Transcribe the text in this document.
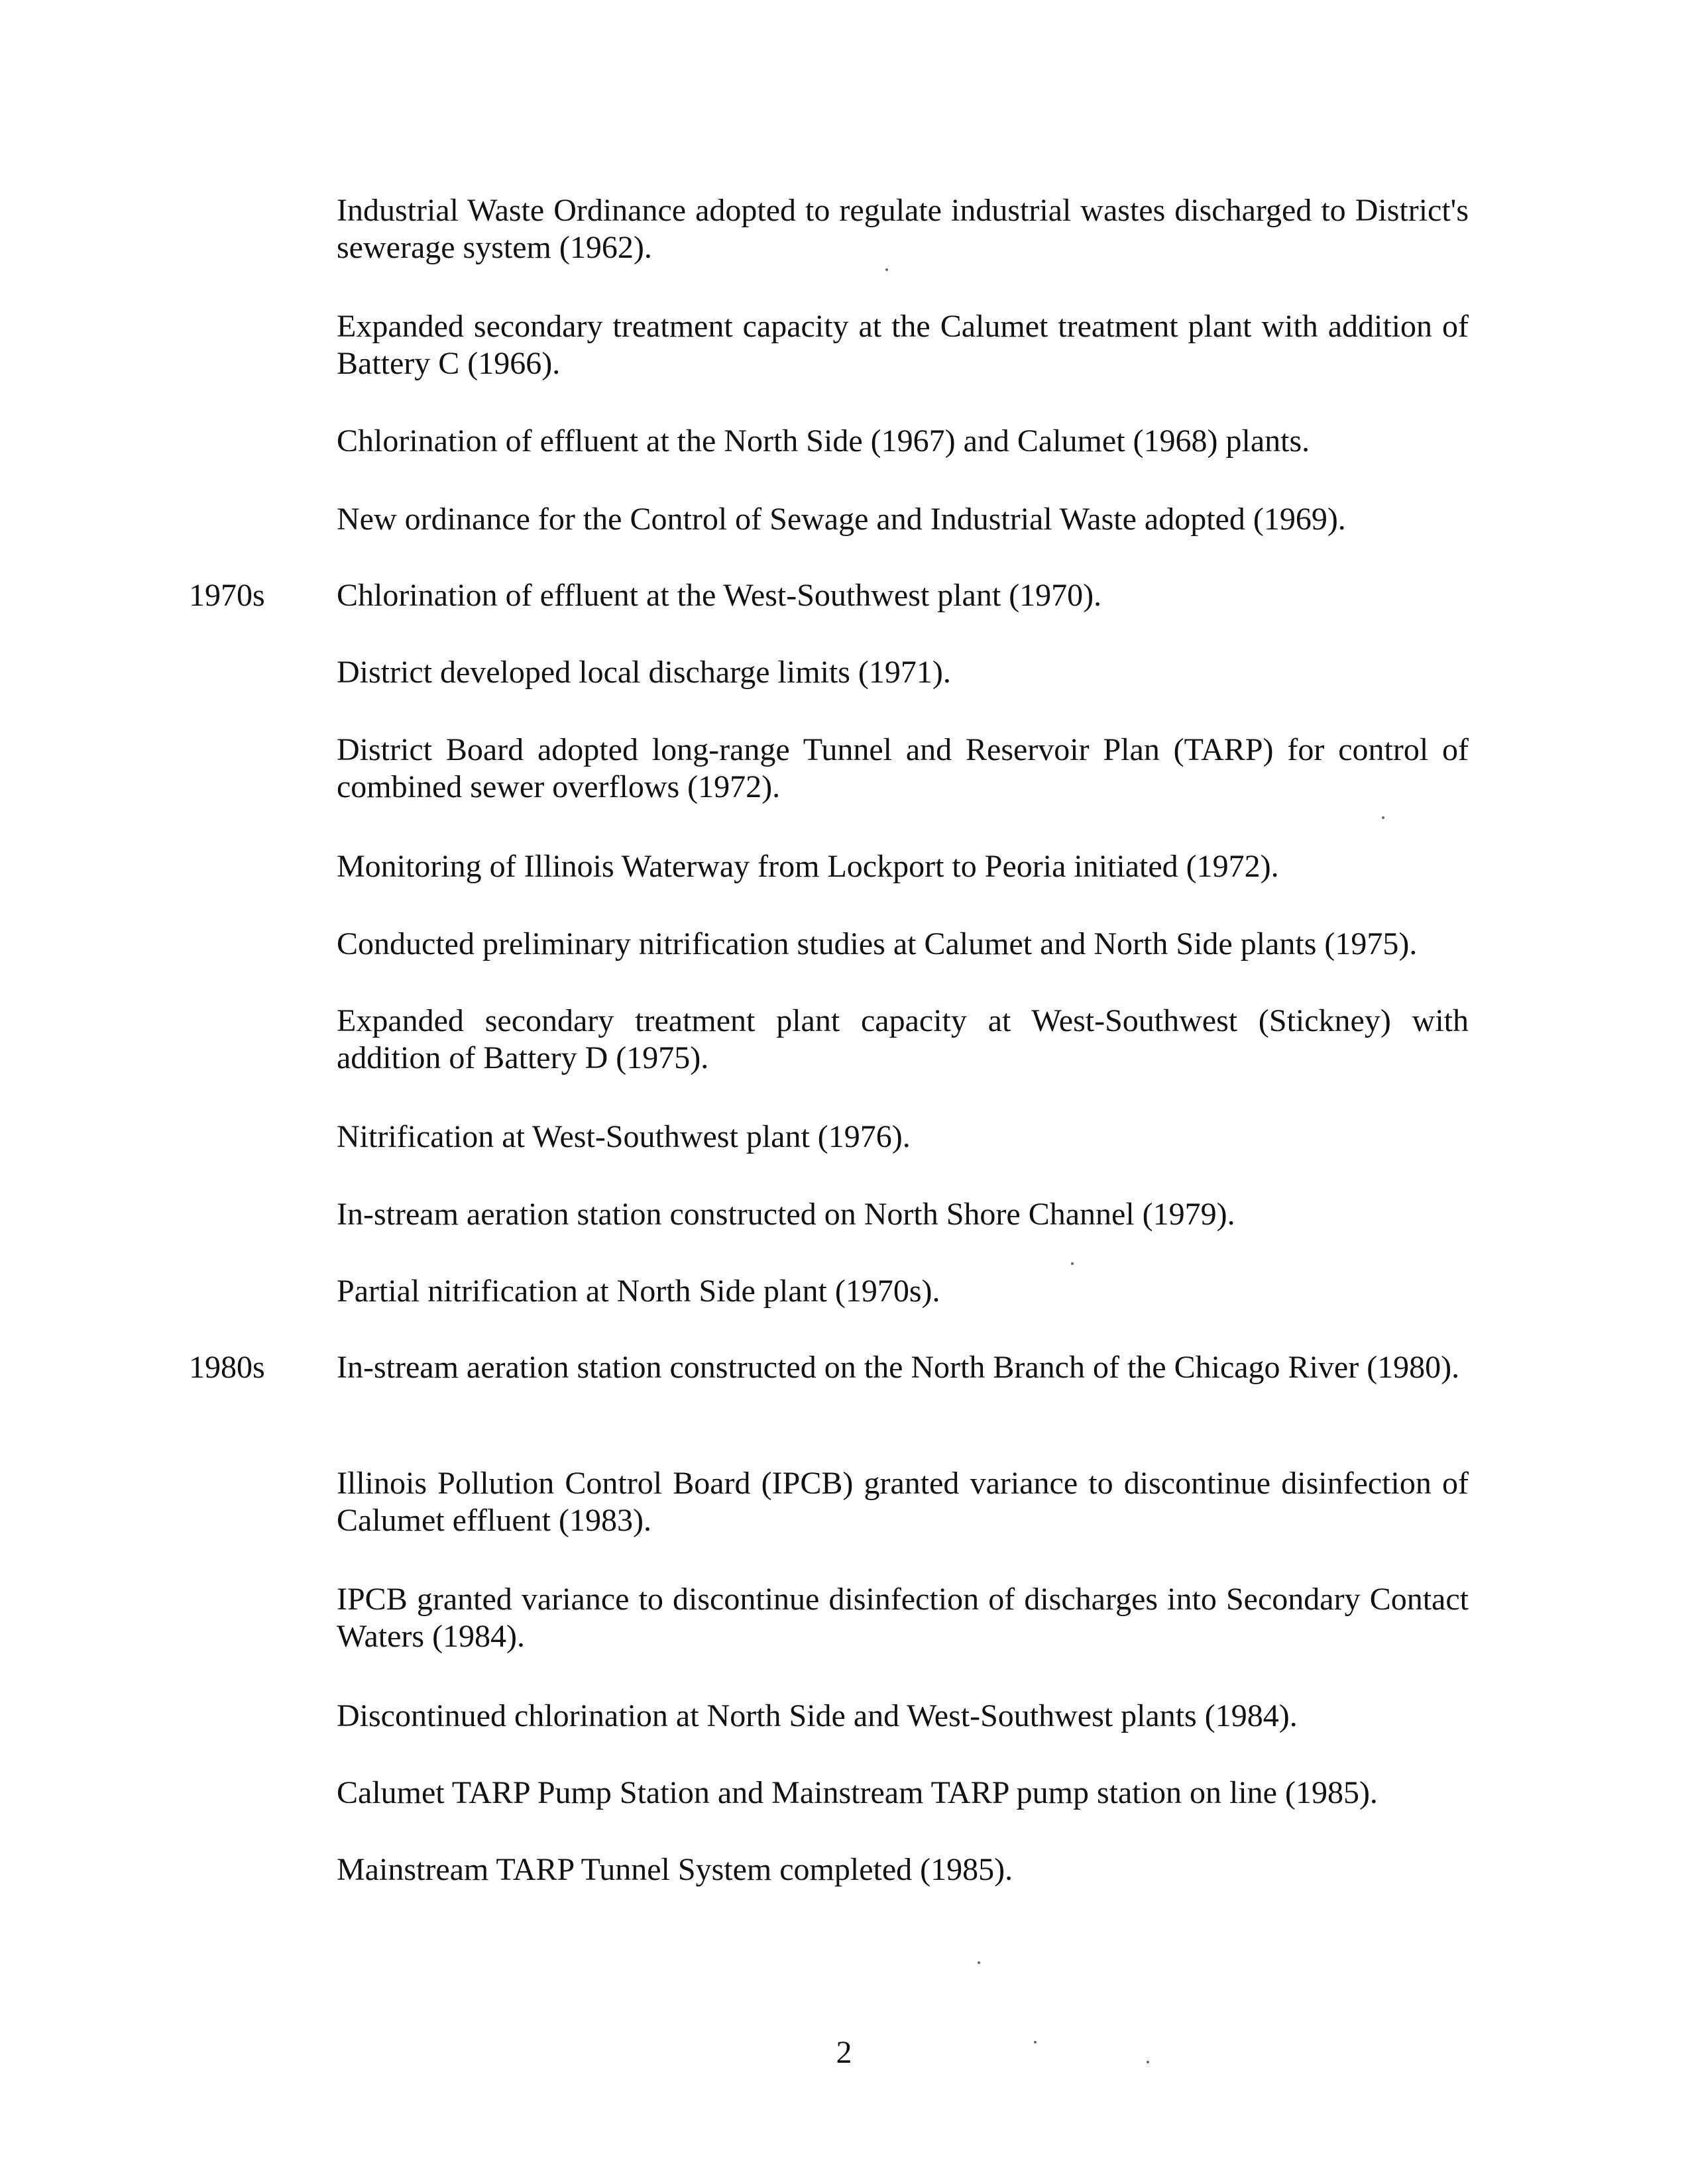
Industrial Waste Ordinance adopted to regulate industrial wastes discharged to District's sewerage system (1962).
Expanded secondary treatment capacity at the Calumet treatment plant with addition of Battery C (1966).
Chlorination of effluent at the North Side (1967) and Calumet (1968) plants.
New ordinance for the Control of Sewage and Industrial Waste adopted (1969).
1970s Chlorination of effluent at the West-Southwest plant (1970).
District developed local discharge limits (1971).
District Board adopted long-range Tunnel and Reservoir Plan (TARP) for control of combined sewer overflows (1972).
Monitoring of Illinois Waterway from Lockport to Peoria initiated (1972).
Conducted preliminary nitrification studies at Calumet and North Side plants (1975).
Expanded secondary treatment plant capacity at West-Southwest (Stickney) with addition of Battery D (1975).
Nitrification at West-Southwest plant (1976).
In-stream aeration station constructed on North Shore Channel (1979).
Partial nitrification at North Side plant (1970s).
1980s In-stream aeration station constructed on the North Branch of the Chicago River (1980).
Illinois Pollution Control Board (IPCB) granted variance to discontinue disinfection of Calumet effluent (1983).
IPCB granted variance to discontinue disinfection of discharges into Secondary Contact Waters (1984).
Discontinued chlorination at North Side and West-Southwest plants (1984).
Calumet TARP Pump Station and Mainstream TARP pump station on line (1985).
Mainstream TARP Tunnel System completed (1985).
2
